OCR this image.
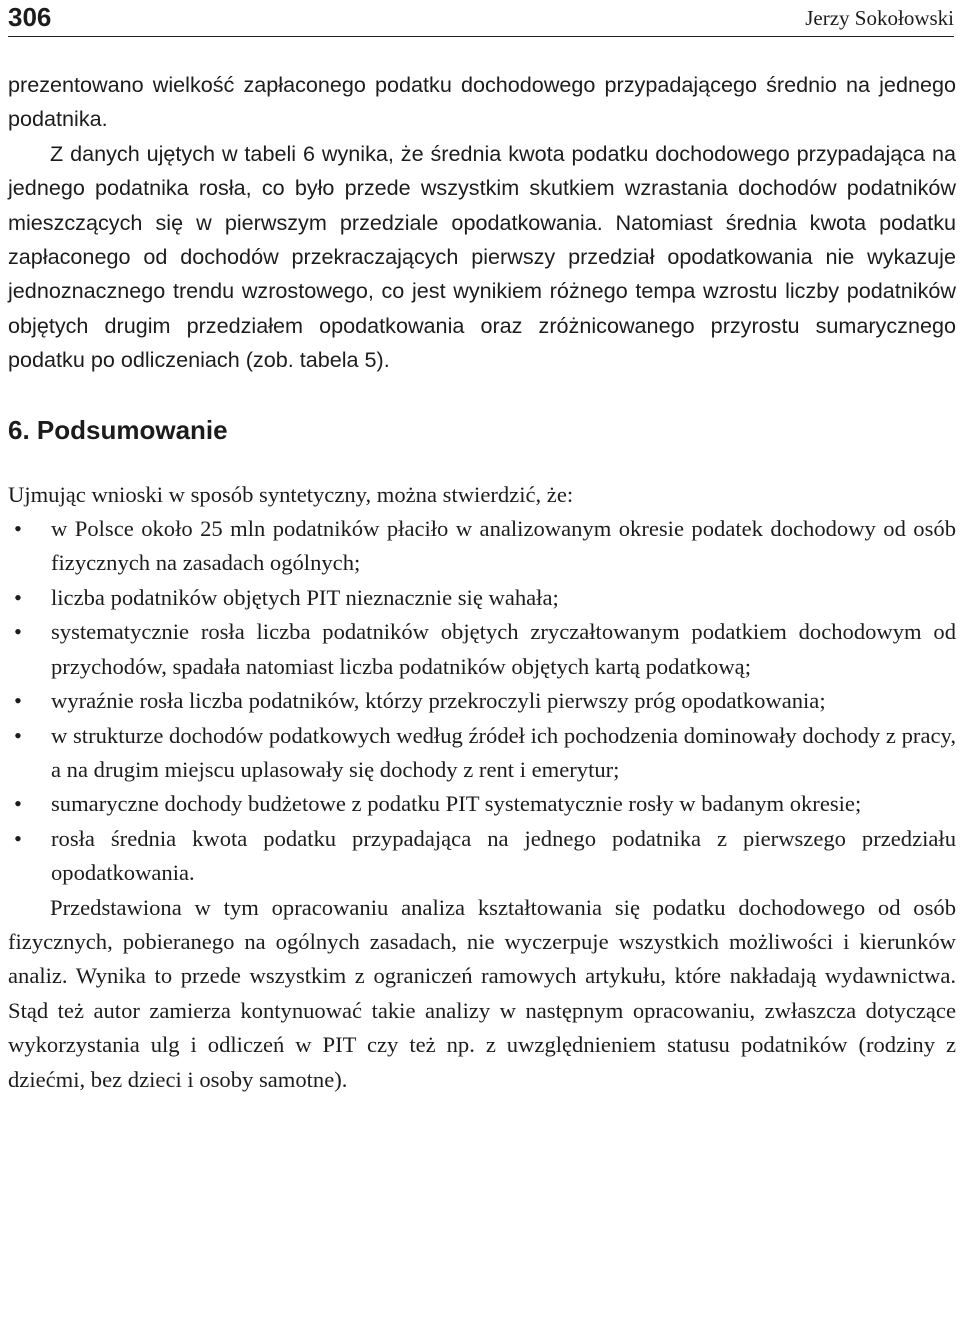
306	Jerzy Sokołowski

prezentowano wielkość zapłaconego podatku dochodowego przypadającego średnio na jednego podatnika.

Z danych ujętych w tabeli 6 wynika, że średnia kwota podatku dochodowego przypadająca na jednego podatnika rosła, co było przede wszystkim skutkiem wzrastania dochodów podatników mieszczących się w pierwszym przedziale opodatkowania. Natomiast średnia kwota podatku zapłaconego od dochodów przekraczających pierwszy przedział opodatkowania nie wykazuje jednoznacznego trendu wzrostowego, co jest wynikiem różnego tempa wzrostu liczby podatników objętych drugim przedziałem opodatkowania oraz zróżnicowanego przyrostu sumarycznego podatku po odliczeniach (zob. tabela 5).

6. Podsumowanie

Ujmując wnioski w sposób syntetyczny, można stwierdzić, że:

• w Polsce około 25 mln podatników płaciło w analizowanym okresie podatek dochodowy od osób fizycznych na zasadach ogólnych;
• liczba podatników objętych PIT nieznacznie się wahała;
• systematycznie rosła liczba podatników objętych zryczałtowanym podatkiem dochodowym od przychodów, spadała natomiast liczba podatników objętych kartą podatkową;
• wyraźnie rosła liczba podatników, którzy przekroczyli pierwszy próg opodatkowania;
• w strukturze dochodów podatkowych według źródeł ich pochodzenia dominowały dochody z pracy, a na drugim miejscu uplasowały się dochody z rent i emerytur;
• sumaryczne dochody budżetowe z podatku PIT systematycznie rosły w badanym okresie;
• rosła średnia kwota podatku przypadająca na jednego podatnika z pierwszego przedziału opodatkowania.

Przedstawiona w tym opracowaniu analiza kształtowania się podatku dochodowego od osób fizycznych, pobieranego na ogólnych zasadach, nie wyczerpuje wszystkich możliwości i kierunków analiz. Wynika to przede wszystkim z ograniczeń ramowych artykułu, które nakładają wydawnictwa. Stąd też autor zamierza kontynuować takie analizy w następnym opracowaniu, zwłaszcza dotyczące wykorzystania ulg i odliczeń w PIT czy też np. z uwzględnieniem statusu podatników (rodziny z dziećmi, bez dzieci i osoby samotne).
